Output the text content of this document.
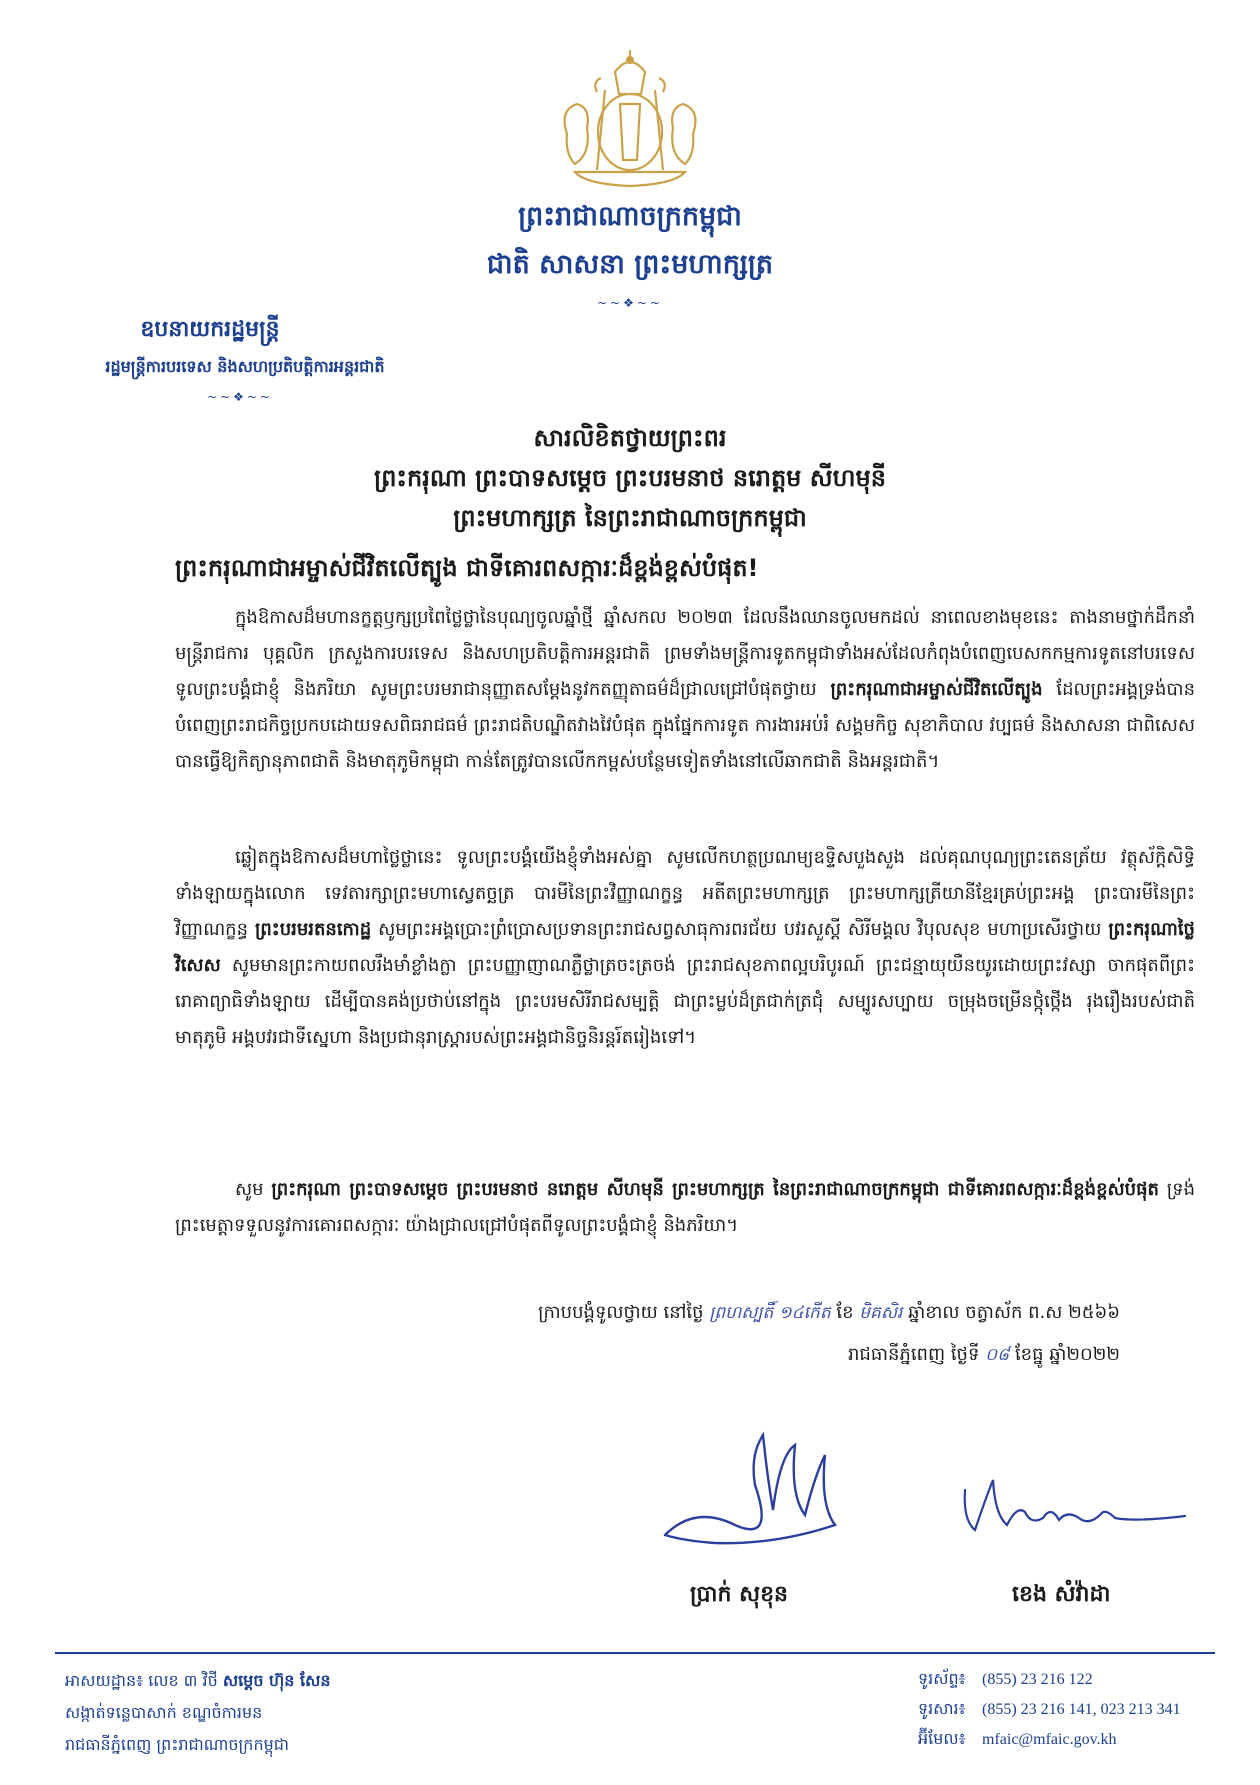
ព្រះរាជាណាចក្រកម្ពុជា
ជាតិ សាសនា ព្រះមហាក្សត្រ
~~❖~~
ឧបនាយករដ្ឋមន្ត្រី
រដ្ឋមន្ត្រីការបរទេស និងសហប្រតិបត្តិការអន្តរជាតិ
~~❖~~
សារលិខិតថ្វាយព្រះពរ
ព្រះករុណា ព្រះបាទសម្តេច ព្រះបរមនាថ នរោត្តម សីហមុនី
ព្រះមហាក្សត្រ នៃព្រះរាជាណាចក្រកម្ពុជា
ព្រះករុណាជាអម្ចាស់ជីវិតលើត្បូង ជាទីគោរពសក្ការៈដ៏ខ្ពង់ខ្ពស់បំផុត!

ក្នុងឱកាសដ៏មហានក្ខត្តឫក្សប្រពៃថ្លៃថ្លានៃបុណ្យចូលឆ្នាំថ្មី ឆ្នាំសកល ២០២៣ ដែលនឹងឈានចូលមកដល់ នាពេលខាងមុខនេះ តាងនាមថ្នាក់ដឹកនាំ មន្ត្រីរាជការ បុគ្គលិក ក្រសួងការបរទេស និងសហប្រតិបត្តិការអន្តរជាតិ ព្រមទាំងមន្ត្រីការទូតកម្ពុជាទាំងអស់ដែលកំពុងបំពេញបេសកកម្មការទូតនៅបរទេស ទូលព្រះបង្គំជាខ្ញុំ និងភរិយា សូមព្រះបរមរាជានុញ្ញាតសម្តែងនូវកតញ្ញុតាធម៌ដ៏ជ្រាលជ្រៅបំផុតថ្វាយ ព្រះករុណាជាអម្ចាស់ជីវិតលើត្បូង ដែលព្រះអង្គទ្រង់បានបំពេញព្រះរាជកិច្ចប្រកបដោយទសពិធរាជធម៌ ព្រះរាជតិបណ្ឌិតវាងវៃបំផុត ក្នុងផ្នែកការទូត ការងារអប់រំ សង្គមកិច្ច សុខាភិបាល វប្បធម៌ និងសាសនា ជាពិសេសបានធ្វើឱ្យកិត្យានុភាពជាតិ និងមាតុភូមិកម្ពុជា កាន់តែត្រូវបានលើកកម្ពស់បន្ថែមទៀតទាំងនៅលើឆាកជាតិ និងអន្តរជាតិ។

ឆ្លៀតក្នុងឱកាសដ៏មហាថ្លៃថ្លានេះ ទូលព្រះបង្គំយើងខ្ញុំទាំងអស់គ្នា សូមលើកហត្ថប្រណម្យឧទ្ទិសបួងសួង ដល់គុណបុណ្យព្រះតេនត្រ័យ វត្ថុស័ក្តិសិទ្ធិទាំងឡាយក្នុងលោក ទេវតារក្សាព្រះមហាស្វេតច្ឆត្រ បារមីនៃព្រះវិញ្ញាណក្ខន្ធ អតីតព្រះមហាក្សត្រ ព្រះមហាក្សត្រីយានីខ្មែរគ្រប់ព្រះអង្គ ព្រះបារមីនៃព្រះវិញ្ញាណក្ខន្ធ ព្រះបរមរតនកោដ្ឋ សូមព្រះអង្គប្រោះព្រំប្រោសប្រទានព្រះរាជសព្វសាធុការពរជ័យ បវរសួស្តី សិរីមង្គល វិបុលសុខ មហាប្រសើរថ្វាយ ព្រះករុណាថ្លៃវិសេស សូមមានព្រះកាយពលរឹងមាំខ្លាំងក្លា ព្រះបញ្ញាញាណភ្លឺថ្លាត្រចះត្រចង់ ព្រះរាជសុខភាពល្អបរិបូរណ៍ ព្រះជន្មាយុយឺនយូរដោយព្រះវស្សា ចាកផុតពីព្រះរោគាព្យាធិទាំងឡាយ ដើម្បីបានគង់ប្រថាប់នៅក្នុង ព្រះបរមសិរីរាជសម្បត្តិ ជាព្រះម្លប់ដ៏ត្រជាក់ត្រជុំ សម្បូរសប្បាយ ចម្រុងចម្រើនថ្កុំថ្កើង រុងរឿងរបស់ជាតិមាតុភូមិ អង្គបវរជាទីស្នេហា និងប្រជានុរាស្ត្រារបស់ព្រះអង្គជានិច្ចនិរន្តរ៍តរៀងទៅ។

សូម ព្រះករុណា ព្រះបាទសម្តេច ព្រះបរមនាថ នរោត្តម សីហមុនី ព្រះមហាក្សត្រ នៃព្រះរាជាណាចក្រកម្ពុជា ជាទីគោរពសក្ការៈដ៏ខ្ពង់ខ្ពស់បំផុត ទ្រង់ព្រះមេត្តាទទួលនូវការគោរពសក្ការៈ យ៉ាងជ្រាលជ្រៅបំផុតពីទូលព្រះបង្គំជាខ្ញុំ និងភរិយា។

ក្រាបបង្គំទូលថ្វាយ នៅថ្ងៃ ព្រហស្បតិ៍ ១៤កើត ខែ មិគសិរ ឆ្នាំខាល ចត្វាស័ក ព.ស ២៥៦៦
រាជធានីភ្នំពេញ ថ្ងៃទី ០៨ ខែធ្នូ ឆ្នាំ២០២២
ប្រាក់ សុខុន	ខេង សំវ៉ាដា
អាសយដ្ឋាន៖ លេខ ៣ វិថី សម្តេច ហ៊ុន សែន
សង្កាត់ទន្លេបាសាក់ ខណ្ឌចំការមន
រាជធានីភ្នំពេញ ព្រះរាជាណាចក្រកម្ពុជា
ទូរស័ព្ទ៖ (855) 23 216 122
ទូរសារ៖ (855) 23 216 141, 023 213 341
អ៊ីមែល៖ mfaic@mfaic.gov.kh
